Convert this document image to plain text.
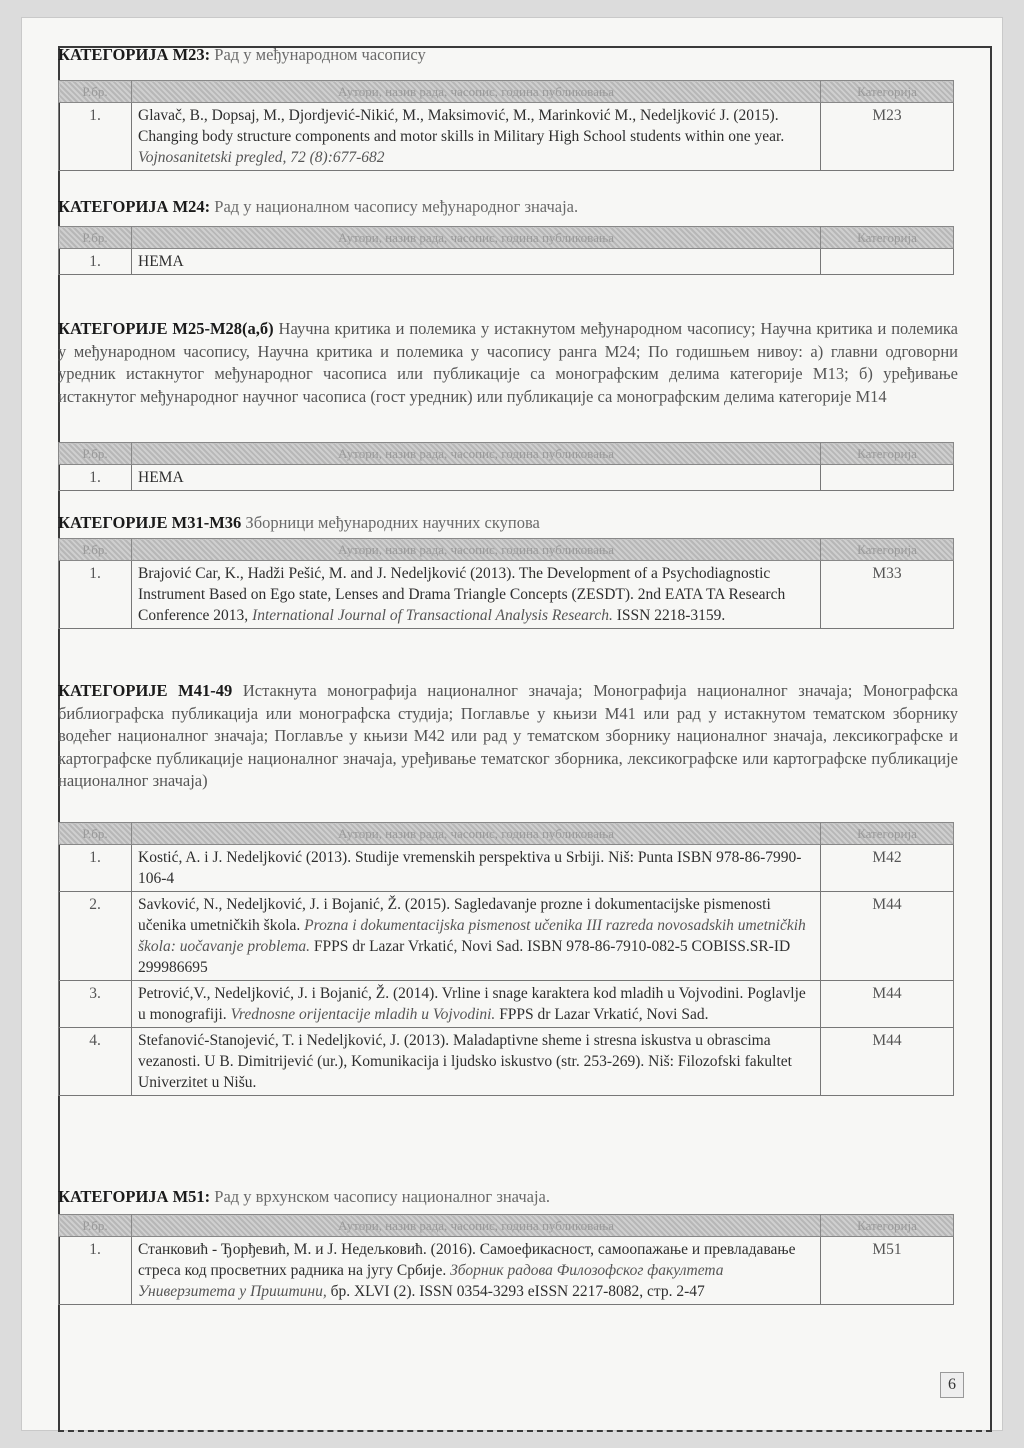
КАТЕГОРИЈА М23: Рад у међународном часопису
Р.бр.	Аутори, назив рада, часопис, година публиковања	Категорија
1.	Glavač, B., Dopsaj, M., Djordjević-Nikić, M., Maksimović, M., Marinković M., Nedeljković J. (2015). Changing body structure components and motor skills in Military High School students within one year. Vojnosanitetski pregled, 72 (8):677-682	M23
КАТЕГОРИЈА М24: Рад у националном часопису међународног значаја.
Р.бр.	Аутори, назив рада, часопис, година публиковања	Категорија
1.	НЕМА	
КАТЕГОРИЈЕ М25-М28(а,б) Научна критика и полемика у истакнутом међународном часопису; Научна критика и полемика у међународном часопису, Научна критика и полемика у часопису ранга М24; По годишњем нивоу: а) главни одговорни уредник истакнутог међународног часописа или публикације са монографским делима категорије М13; б) уређивање истакнутог међународног научног часописа (гост уредник) или публикације са монографским делима категорије М14
Р.бр.	Аутори, назив рада, часопис, година публиковања	Категорија
1.	НЕМА	
КАТЕГОРИЈЕ М31-М36 Зборници међународних научних скупова
Р.бр.	Аутори, назив рада, часопис, година публиковања	Категорија
1.	Brajović Car, K., Hadži Pešić, M. and J. Nedeljković (2013). The Development of a Psychodiagnostic Instrument Based on Ego state, Lenses and Drama Triangle Concepts (ZESDT). 2nd EATA TA Research Conference 2013, International Journal of Transactional Analysis Research. ISSN 2218-3159.	M33
КАТЕГОРИЈЕ М41-49 Истакнута монографија националног значаја; Монографија националног значаја; Монографска библиографска публикација или монографска студија; Поглавље у књизи М41 или рад у истакнутом тематском зборнику водећег националног значаја; Поглавље у књизи М42 или рад у тематском зборнику националног значаја, лексикографске и картографске публикације националног значаја, уређивање тематског зборника, лексикографске или картографске публикације националног значаја)
Р.бр.	Аутори, назив рада, часопис, година публиковања	Категорија
1.	Kostić, A. i J. Nedeljković (2013). Studije vremenskih perspektiva u Srbiji. Niš: Punta ISBN 978-86-7990-106-4	M42
2.	Savković, N., Nedeljković, J. i Bojanić, Ž. (2015). Sagledavanje prozne i dokumentacijske pismenosti učenika umetničkih škola. Prozna i dokumentacijska pismenost učenika III razreda novosadskih umetničkih škola: uočavanje problema. FPPS dr Lazar Vrkatić, Novi Sad. ISBN 978-86-7910-082-5 COBISS.SR-ID 299986695	M44
3.	Petrović,V., Nedeljković, J. i Bojanić, Ž. (2014). Vrline i snage karaktera kod mladih u Vojvodini. Poglavlje u monografiji. Vrednosne orijentacije mladih u Vojvodini. FPPS dr Lazar Vrkatić, Novi Sad.	M44
4.	Stefanović-Stanojević, T. i Nedeljković, J. (2013). Maladaptivne sheme i stresna iskustva u obrascima vezanosti. U B. Dimitrijević (ur.), Komunikacija i ljudsko iskustvo (str. 253-269). Niš: Filozofski fakultet Univerzitet u Nišu.	M44
КАТЕГОРИЈА М51: Рад у врхунском часопису националног значаја.
Р.бр.	Аутори, назив рада, часопис, година публиковања	Категорија
1.	Станковић - Ђорђевић, М. и Ј. Недељковић. (2016). Самоефикасност, самоопажање и превладавање стреса код просветних радника на југу Србије. Зборник радова Филозофског факултета Универзитета у Приштини, бр. XLVI (2). ISSN 0354-3293 eISSN 2217-8082, стр. 2-47	M51
6
